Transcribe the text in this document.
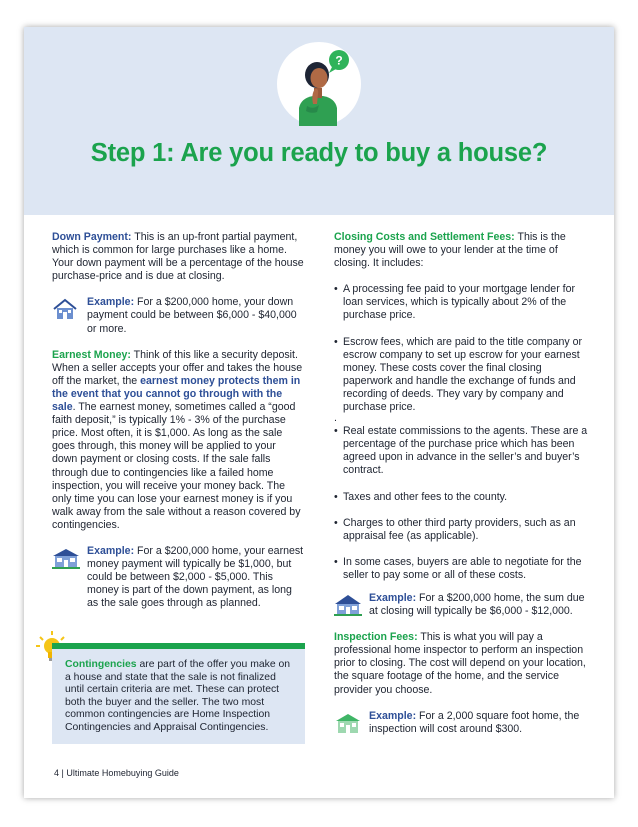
?
Step 1: Are you ready to buy a house?

Down Payment: This is an up-front partial payment, which is common for large purchases like a home. Your down payment will be a percentage of the house purchase-price and is due at closing.

Example: For a $200,000 home, your down payment could be between $6,000 - $40,000 or more.

Earnest Money: Think of this like a security deposit. When a seller accepts your offer and takes the house off the market, the earnest money protects them in the event that you cannot go through with the sale. The earnest money, sometimes called a “good faith deposit,” is typically 1% - 3% of the purchase price. Most often, it is $1,000. As long as the sale goes through, this money will be applied to your down payment or closing costs. If the sale falls through due to contingencies like a failed home inspection, you will receive your money back. The only time you can lose your earnest money is if you walk away from the sale without a reason covered by contingencies.

Example: For a $200,000 home, your earnest money payment will typically be $1,000, but could be between $2,000 - $5,000. This money is part of the down payment, as long as the sale goes through as planned.

Contingencies are part of the offer you make on a house and state that the sale is not finalized until certain criteria are met. These can protect both the buyer and the seller. The two most common contingencies are Home Inspection Contingencies and Appraisal Contingencies.

Closing Costs and Settlement Fees: This is the money you will owe to your lender at the time of closing. It includes:

• A processing fee paid to your mortgage lender for loan services, which is typically about 2% of the purchase price.

• Escrow fees, which are paid to the title company or escrow company to set up escrow for your earnest money. These costs cover the final closing paperwork and handle the exchange of funds and recording of deeds. They vary by company and purchase price.

.

• Real estate commissions to the agents. These are a percentage of the purchase price which has been agreed upon in advance in the seller’s and buyer’s contract.

• Taxes and other fees to the county.

• Charges to other third party providers, such as an appraisal fee (as applicable).

• In some cases, buyers are able to negotiate for the seller to pay some or all of these costs.

Example: For a $200,000 home, the sum due at closing will typically be $6,000 - $12,000.

Inspection Fees: This is what you will pay a professional home inspector to perform an inspection prior to closing. The cost will depend on your location, the square footage of the home, and the service provider you choose.

Example: For a 2,000 square foot home, the inspection will cost around $300.

4 | Ultimate Homebuying Guide
